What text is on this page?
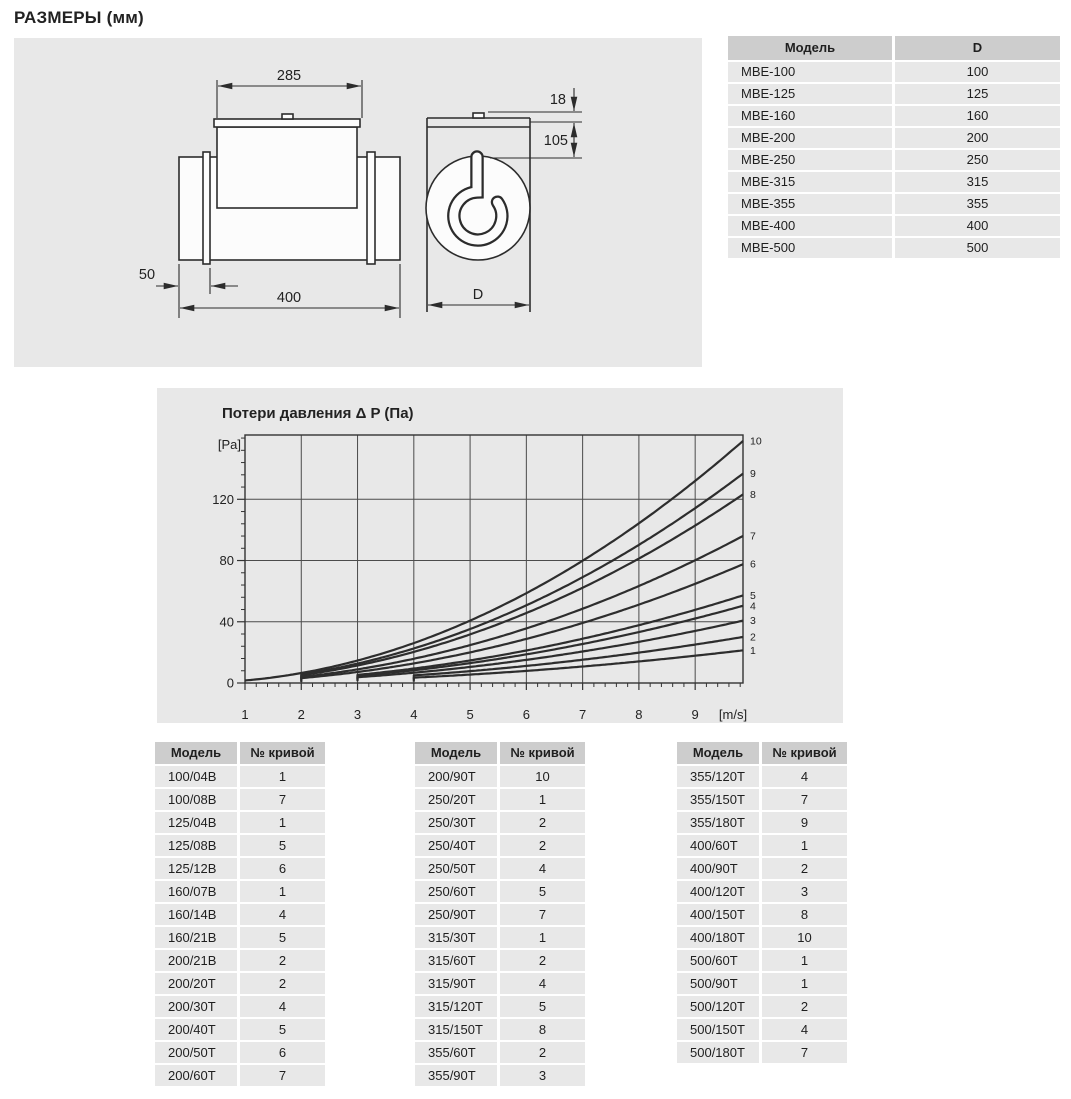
РАЗМЕРЫ (мм)
285
50
400
18
105
D
Модель	D
MBE-100	100
MBE-125	125
MBE-160	160
MBE-200	200
MBE-250	250
MBE-315	315
MBE-355	355
MBE-400	400
MBE-500	500
Потери давления Δ P (Па)
1
2
3
4
5
6
7
8
9
10
[Pa]
0
40
80
120
1	2	3	4	5	6	7	8	9 [m/s]
Модель	№ кривой
100/04B	1
100/08B	7
125/04B	1
125/08B	5
125/12B	6
160/07B	1
160/14B	4
160/21B	5
200/21B	2
200/20T	2
200/30T	4
200/40T	5
200/50T	6
200/60T	7
Модель	№ кривой
200/90T	10
250/20T	1
250/30T	2
250/40T	2
250/50T	4
250/60T	5
250/90T	7
315/30T	1
315/60T	2
315/90T	4
315/120T	5
315/150T	8
355/60T	2
355/90T	3
Модель	№ кривой
355/120T	4
355/150T	7
355/180T	9
400/60T	1
400/90T	2
400/120T	3
400/150T	8
400/180T	10
500/60T	1
500/90T	1
500/120T	2
500/150T	4
500/180T	7
